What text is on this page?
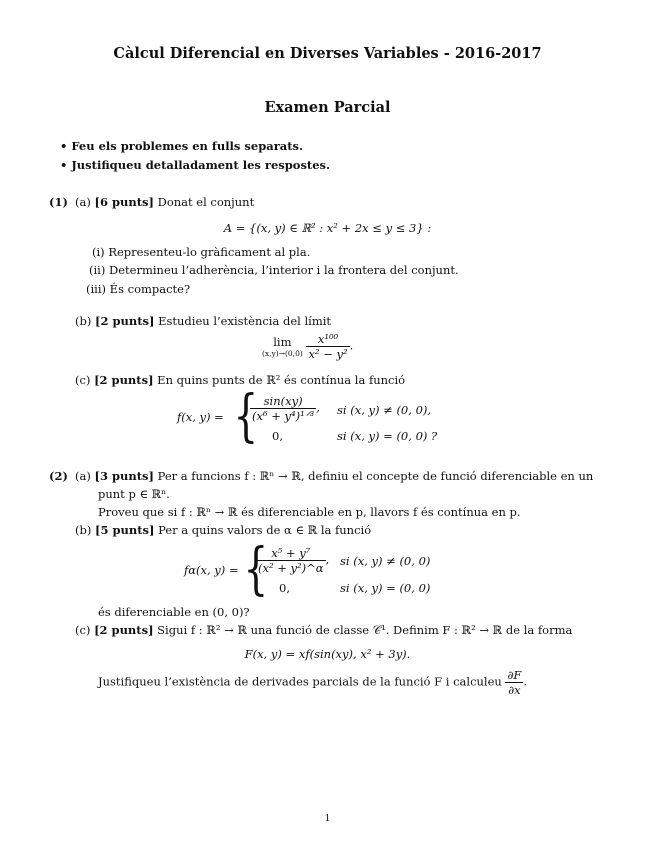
Càlcul Diferencial en Diverses Variables - 2016-2017
Examen Parcial
• Feu els problemes en fulls separats.
• Justifiqueu detalladament les respostes.
(1) (a) [6 punts] Donat el conjunt
A = {(x, y) ∈ ℝ² : x² + 2x ≤ y ≤ 3} :
(i) Representeu-lo gràficament al pla.
(ii) Determineu l’adherència, l’interior i la frontera del conjunt.
(iii) És compacte?
(b) [2 punts] Estudieu l’existència del límit
lim
(x,y)→(0,0)
$\frac{\text{x¹⁰⁰}}{\text{x² − y²}}$ .
(c) [2 punts] En quins punts de ℝ² és contínua la funció
f(x, y) = {
$\frac{\sin(xy)}{\text{(x⁶ + y⁴)¹ᐟ³}}$ , si (x, y) ≠ (0, 0),
0,	si (x, y) = (0, 0) ?
(2) (a) [3 punts] Per a funcions f : ℝⁿ → ℝ, definiu el concepte de funció diferenciable en un
punt p ∈ ℝⁿ.
Proveu que si f : ℝⁿ → ℝ és diferenciable en p, llavors f és contínua en p.
(b) [5 punts] Per a quins valors de α ∈ ℝ la funció
fα(x, y) = {
$\frac{\text{x⁵ + y⁷}}{\text{(x² + y²)\textasciicircum{}α}}$ , si (x, y) ≠ (0, 0)
0,	si (x, y) = (0, 0)
és diferenciable en (0, 0)?
(c) [2 punts] Sigui f : ℝ² → ℝ una funció de classe 𝒞¹. Definim F : ℝ² → ℝ de la forma
F(x, y) = xf(sin(xy), x² + 3y).
Justifiqueu l’existència de derivades parcials de la funció F i calculeu $\frac{\partial F}{\partial x}$ .
1
